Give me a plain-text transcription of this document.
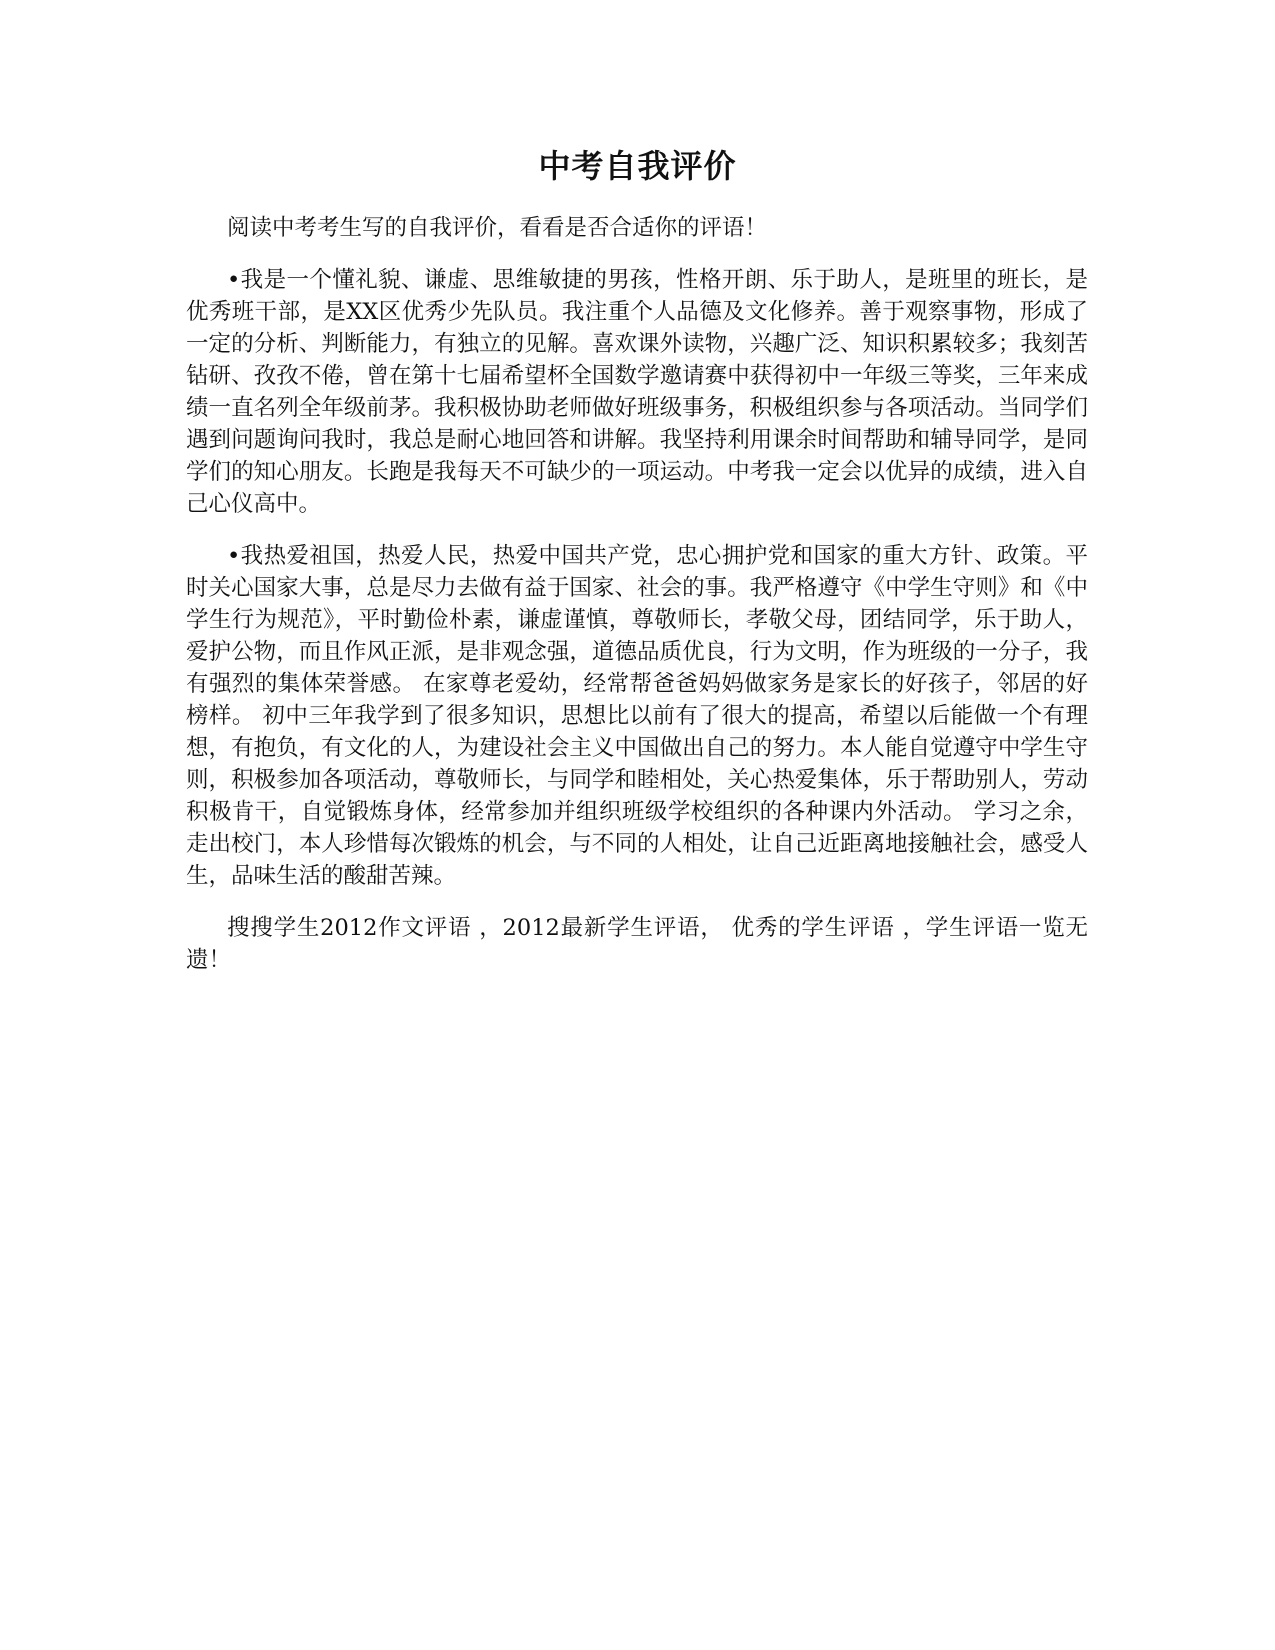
中考自我评价

阅读中考考生写的自我评价，看看是否合适你的评语！

•我是一个懂礼貌、谦虚、思维敏捷的男孩，性格开朗、乐于助人，是班里的班长，是优秀班干部，是XX区优秀少先队员。我注重个人品德及文化修养。善于观察事物，形成了一定的分析、判断能力，有独立的见解。喜欢课外读物，兴趣广泛、知识积累较多；我刻苦钻研、孜孜不倦，曾在第十七届希望杯全国数学邀请赛中获得初中一年级三等奖，三年来成绩一直名列全年级前茅。我积极协助老师做好班级事务，积极组织参与各项活动。当同学们遇到问题询问我时，我总是耐心地回答和讲解。我坚持利用课余时间帮助和辅导同学，是同学们的知心朋友。长跑是我每天不可缺少的一项运动。中考我一定会以优异的成绩，进入自己心仪高中。

•我热爱祖国，热爱人民，热爱中国共产党，忠心拥护党和国家的重大方针、政策。平时关心国家大事，总是尽力去做有益于国家、社会的事。我严格遵守《中学生守则》和《中学生行为规范》，平时勤俭朴素，谦虚谨慎，尊敬师长，孝敬父母，团结同学，乐于助人，爱护公物，而且作风正派，是非观念强，道德品质优良，行为文明，作为班级的一分子，我有强烈的集体荣誉感。 在家尊老爱幼，经常帮爸爸妈妈做家务是家长的好孩子，邻居的好榜样。 初中三年我学到了很多知识，思想比以前有了很大的提高，希望以后能做一个有理想，有抱负，有文化的人，为建设社会主义中国做出自己的努力。本人能自觉遵守中学生守则，积极参加各项活动，尊敬师长，与同学和睦相处，关心热爱集体，乐于帮助别人，劳动积极肯干，自觉锻炼身体，经常参加并组织班级学校组织的各种课内外活动。 学习之余，走出校门，本人珍惜每次锻炼的机会，与不同的人相处，让自己近距离地接触社会，感受人生，品味生活的酸甜苦辣。

搜搜学生2012作文评语 ，2012最新学生评语， 优秀的学生评语 ，学生评语一览无遗！
